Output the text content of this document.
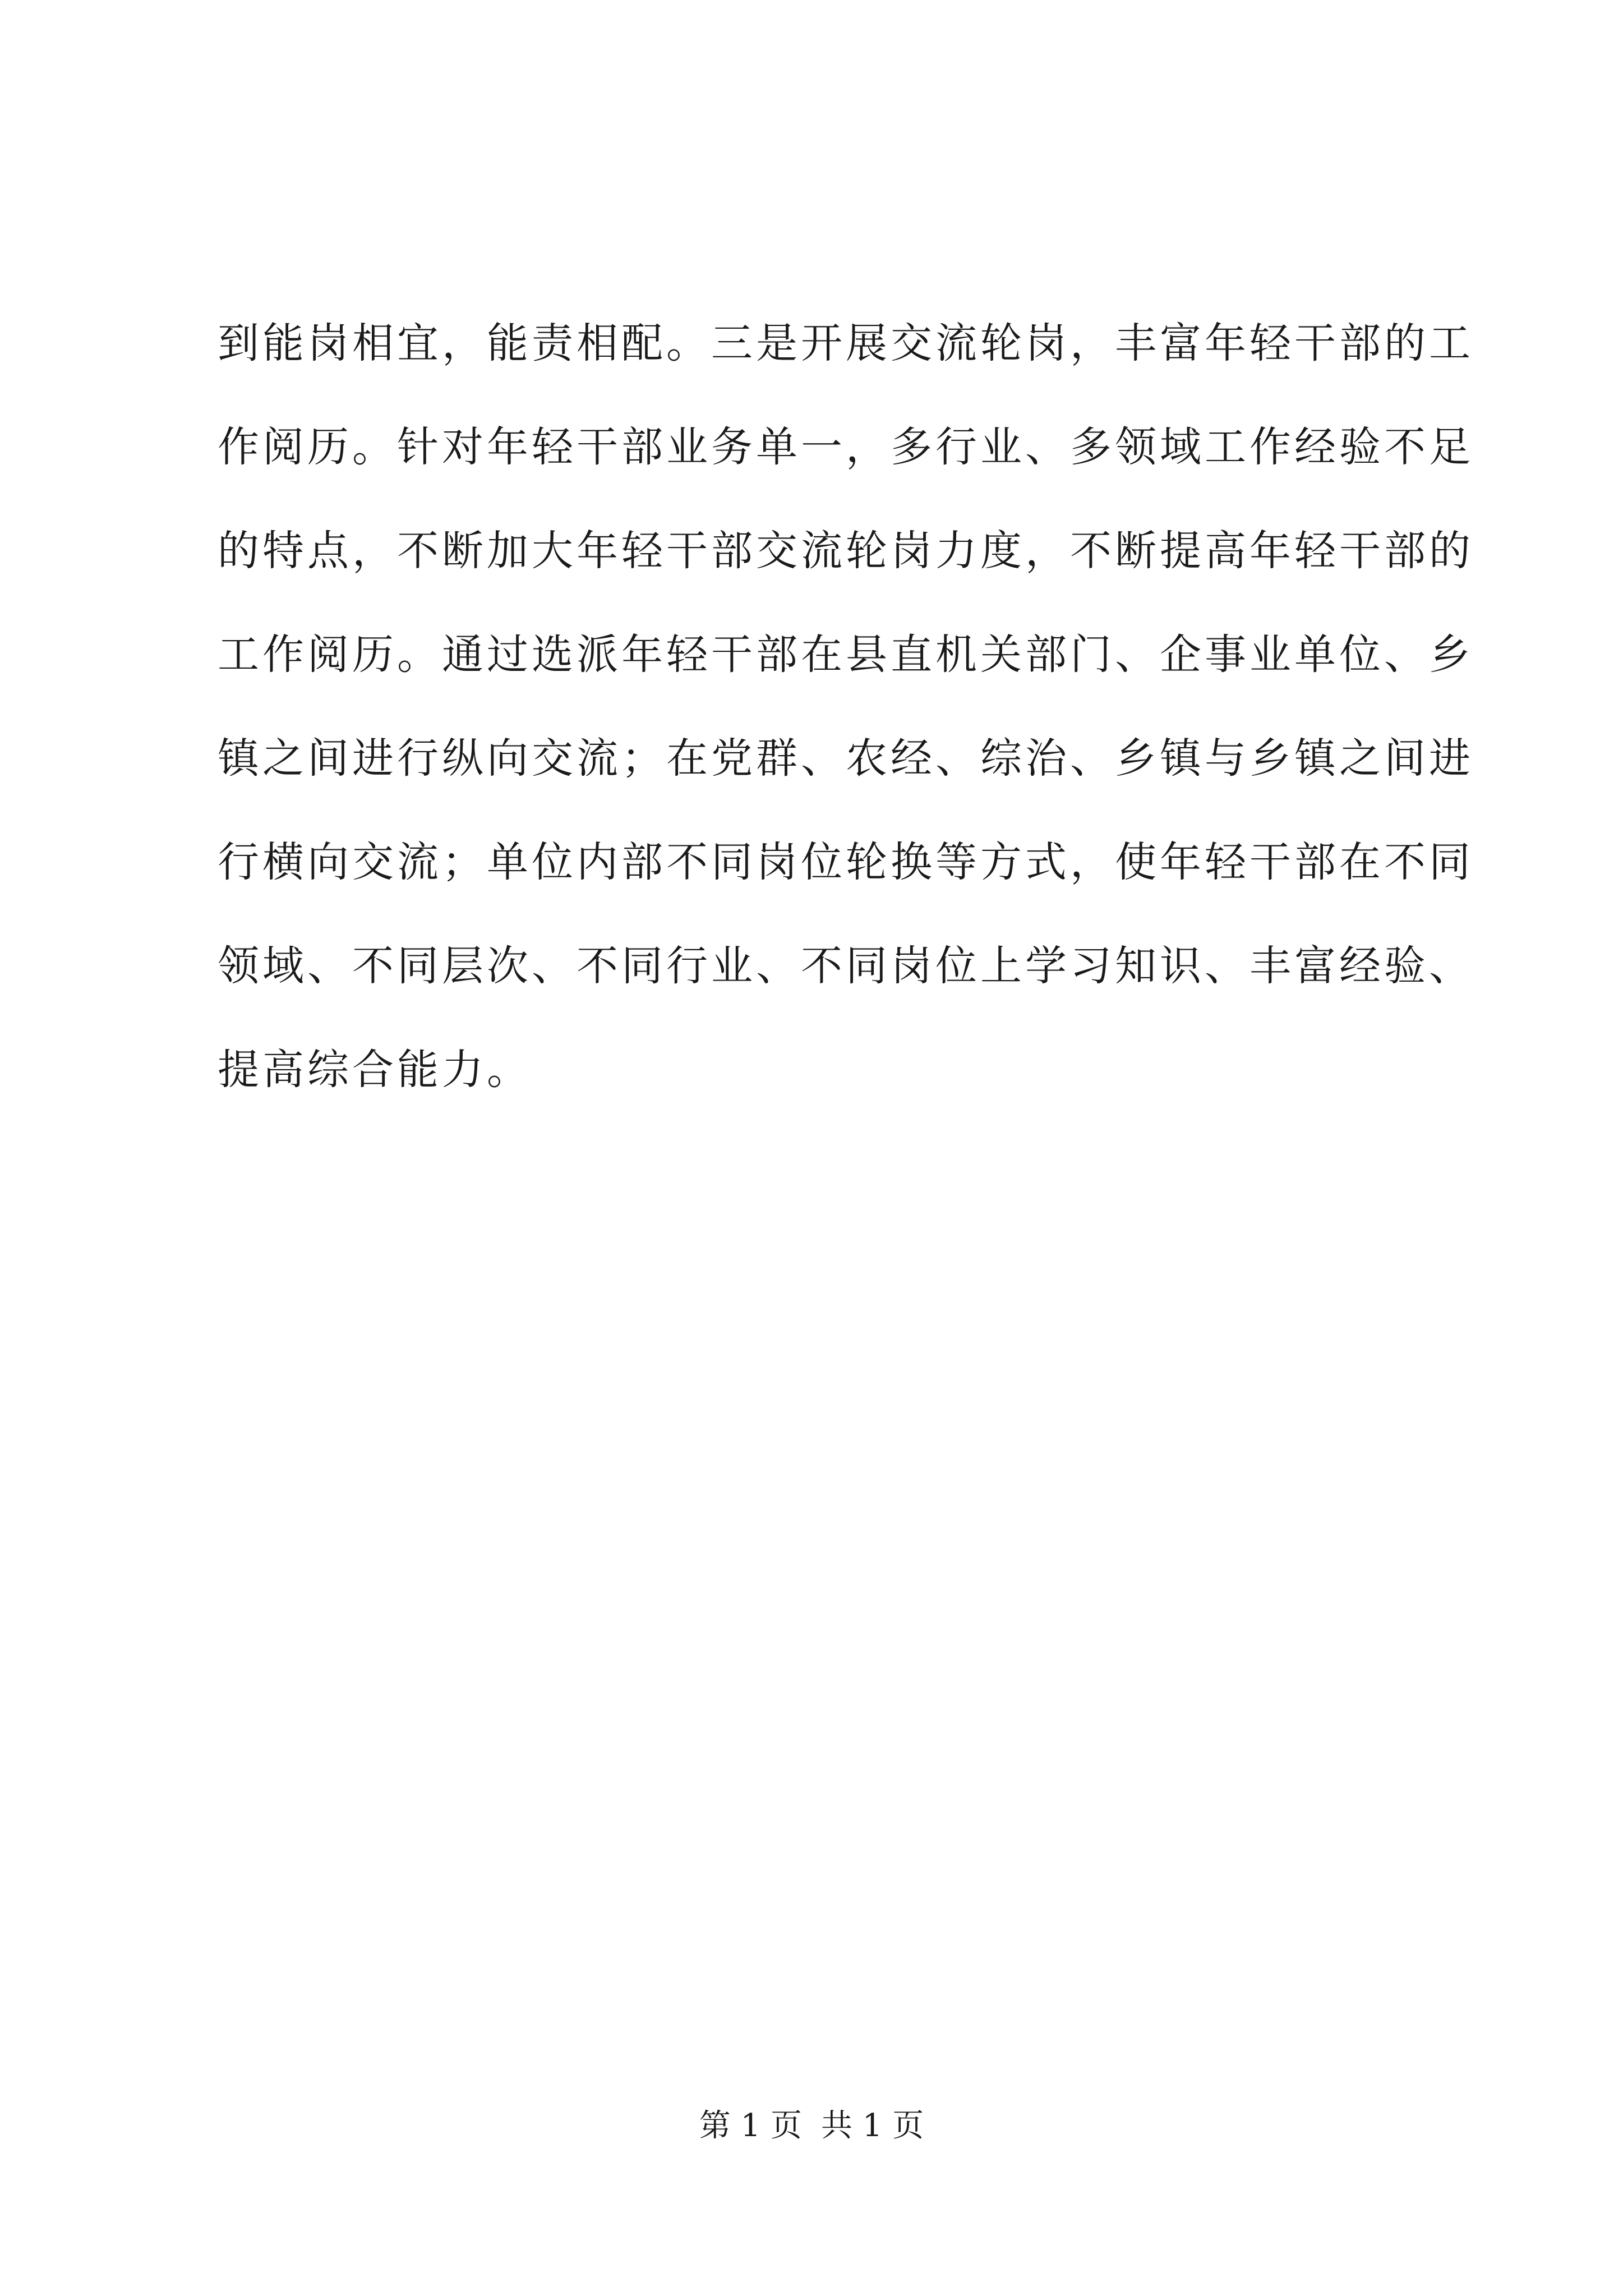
到能岗相宜，能责相配。三是开展交流轮岗，丰富年轻干部的工
作阅历。针对年轻干部业务单一，多行业、多领域工作经验不足
的特点，不断加大年轻干部交流轮岗力度，不断提高年轻干部的
工作阅历。通过选派年轻干部在县直机关部门、企事业单位、乡
镇之间进行纵向交流；在党群、农经、综治、乡镇与乡镇之间进
行横向交流；单位内部不同岗位轮换等方式，使年轻干部在不同
领域、不同层次、不同行业、不同岗位上学习知识、丰富经验、
提高综合能力。
第 1 页 共 1 页
